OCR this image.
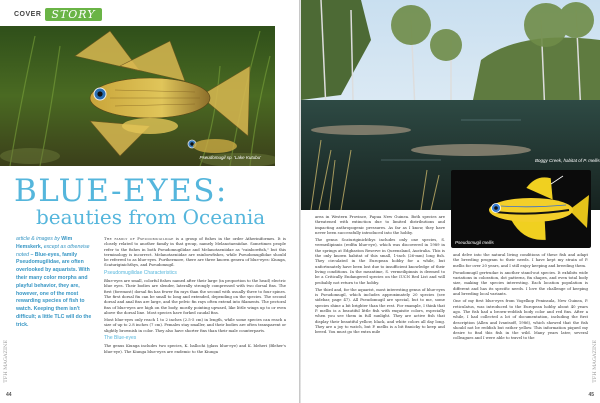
COVER STORY
Pseudomugil sp. 'Lake Kutubu'
BLUE-EYES:
beauties from Oceania
article & images by Wim Hemskerk, except as otherwise noted – Blue-eyes, family Pseudomugilidae, are often overlooked by aquarists. With their many color morphs and playful behavior, they are, however, one of the most rewarding species of fish to watch. Keeping them isn't difficult; a little TLC will do the trick.

The family of Pseudomugilidae is a group of fishes in the order Atheriniformes. It is closely related to another family in that group, namely Melanotaeniidae. Sometimes people refer to the fishes in both Pseudomugilidae and Melanotaeniidae as "rainbowfish," but this terminology is incorrect. Melanotaeniidae are rainbowfishes, while Pseudomugilidae should be referred to as blue-eyes. Furthermore, there are three known genera of blue-eyes: Kiunga, Scaturiginichthys, and Pseudomugil.

Pseudomugilidae Characteristics

Blue-eyes are small, colorful fishes named after their large (in proportion to the head) electric blue eyes. Their bodies are slender, laterally strongly compressed with two dorsal fins. The first (foremost) dorsal fin has fewer fin rays than the second with usually three to four spines. The first dorsal fin can be small to long and extended, depending on the species. The second dorsal and anal fins are large, and the pelvic fin rays often extend into filaments. The pectoral fins of blue-eyes are high on the body, mostly pointing upward, like little wings up to or even above the dorsal line. Most species have forked caudal fins.

Most blue-eyes only reach 1 to 2 inches (2.5-5 cm) in length, while some species can reach a size of up to 2.8 inches (7 cm). Females stay smaller, and their bodies are often transparent or slightly brownish in color. They also have shorter fins than their male counterparts.

The Blue-eyes

The genus Kiunga includes two species, K. ballochi (glass blue-eye) and K. bleheri (Bleher's blue-eye). The Kiunga blue-eyes are endemic to the Kiunga

TFH MAGAZINE
44
Boggy Creek, habitat of P. mellis
Pseudomugil mellis

area in Western Province, Papua New Guinea. Both species are threatened with extinction due to limited distributions and impacting anthropogenic pressures. As far as I know, they have never been successfully introduced into the hobby.

The genus Scaturiginichthys includes only one species, S. vermeilipinnis (redfin blue-eye), which was discovered in 1989 in the springs at Edgbaston Reserve in Queensland, Australia. This is the only known habitat of this small, 1-inch (26-mm) long fish. They circulated in the European hobby for a while, but unfortunately have been lost due to insufficient knowledge of their living conditions. In the meantime, S. vermeilipinnis is deemed to be a Critically Endangered species on the IUCN Red List and will probably not return to the hobby.

The third and, for the aquarist, most interesting genus of blue-eyes is Pseudomugil, which includes approximately 20 species (see sidebar, page 47). All Pseudomugil are special, but to me, some species shine a bit brighter than the rest. For example, I think that P. mellis is a beautiful little fish with exquisite colors, especially when you see them in full sunlight. They are active fish that display their beautiful yellow, black, and white colors all day long. They are a joy to watch, but P. mellis is a bit finnicky to keep and breed. You must go the extra mile

and delve into the natural living conditions of these fish and adapt the breeding program to their needs. I have kept my strain of P. mellis for over 20 years, and I still enjoy keeping and breeding them.

Pseudomugil gertrudae is another stand-out species. It exhibits wide variations in coloration, dot patterns, fin shapes, and even total body size, making the species interesting. Each location population is different and has its specific needs. I love the challenge of keeping and breeding local variants.

One of my first blue-eyes from Vogelkop Peninsula, New Guinea, P. reticulatus, was introduced to the European hobby about 40 years ago. The fish had a brown-reddish body color and red fins. After a while, I had collected a lot of documentation, including the first description (Allen and Ivantsoff, 1986), which showed that the fish should not be reddish but rather yellow. This information piqued my desire to find this fish in the wild. Many years later, several colleagues and I were able to travel to the

TFH MAGAZINE
45
